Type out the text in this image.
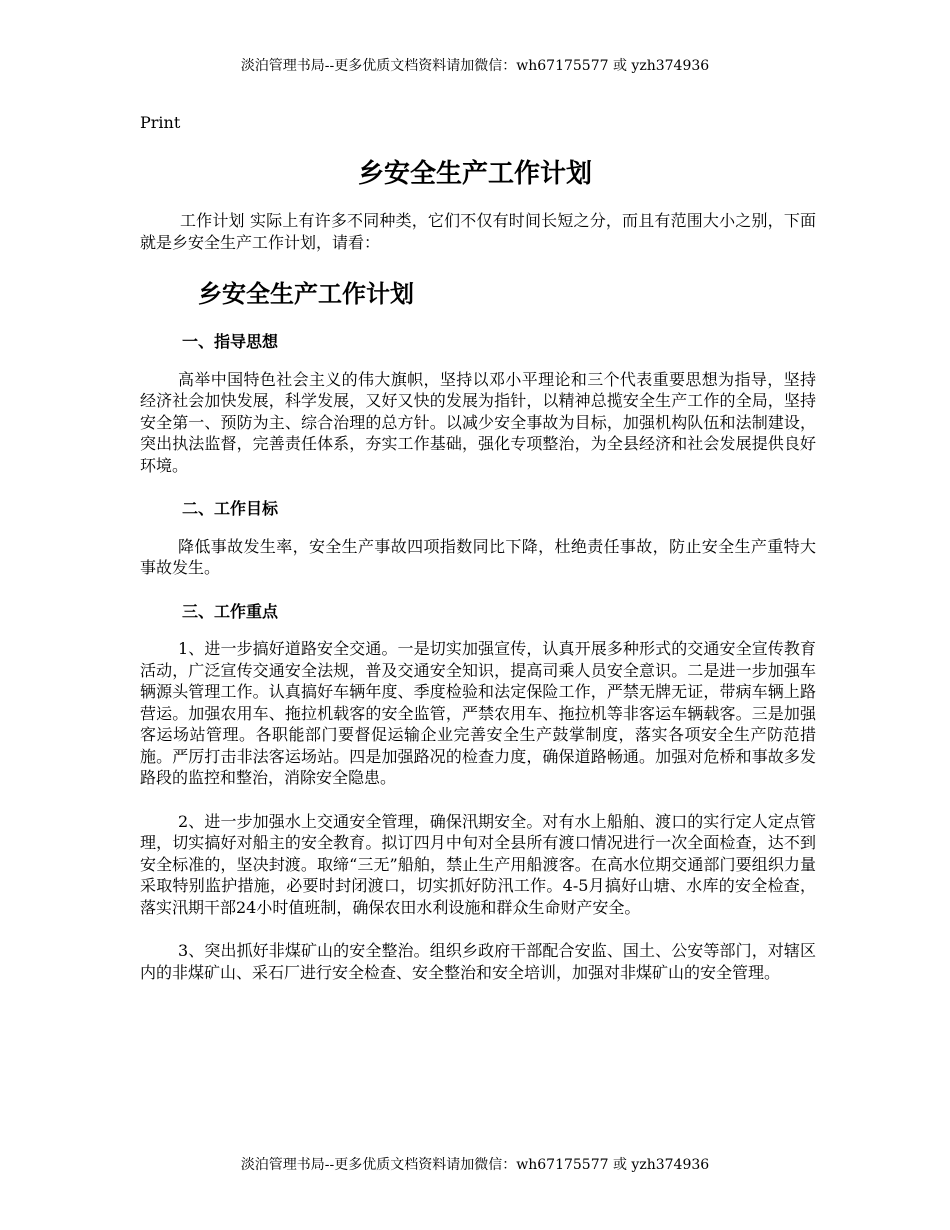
淡泊管理书局--更多优质文档资料请加微信：wh67175577 或 yzh374936
Print
乡安全生产工作计划

工作计划 实际上有许多不同种类，它们不仅有时间长短之分，而且有范围大小之别，下面就是乡安全生产工作计划，请看：

乡安全生产工作计划

一、指导思想

高举中国特色社会主义的伟大旗帜，坚持以邓小平理论和三个代表重要思想为指导，坚持经济社会加快发展，科学发展，又好又快的发展为指针，以精神总揽安全生产工作的全局，坚持安全第一、预防为主、综合治理的总方针。以减少安全事故为目标，加强机构队伍和法制建设，突出执法监督，完善责任体系，夯实工作基础，强化专项整治，为全县经济和社会发展提供良好环境。

二、工作目标

降低事故发生率，安全生产事故四项指数同比下降，杜绝责任事故，防止安全生产重特大事故发生。

三、工作重点

1、进一步搞好道路安全交通。一是切实加强宣传，认真开展多种形式的交通安全宣传教育活动，广泛宣传交通安全法规，普及交通安全知识，提高司乘人员安全意识。二是进一步加强车辆源头管理工作。认真搞好车辆年度、季度检验和法定保险工作，严禁无牌无证，带病车辆上路营运。加强农用车、拖拉机载客的安全监管，严禁农用车、拖拉机等非客运车辆载客。三是加强客运场站管理。各职能部门要督促运输企业完善安全生产鼓掌制度，落实各项安全生产防范措施。严厉打击非法客运场站。四是加强路况的检查力度，确保道路畅通。加强对危桥和事故多发路段的监控和整治，消除安全隐患。

2、进一步加强水上交通安全管理，确保汛期安全。对有水上船舶、渡口的实行定人定点管理，切实搞好对船主的安全教育。拟订四月中旬对全县所有渡口情况进行一次全面检查，达不到安全标准的，坚决封渡。取缔“三无”船舶，禁止生产用船渡客。在高水位期交通部门要组织力量采取特别监护措施，必要时封闭渡口，切实抓好防汛工作。4-5月搞好山塘、水库的安全检查，落实汛期干部24小时值班制，确保农田水利设施和群众生命财产安全。

3、突出抓好非煤矿山的安全整治。组织乡政府干部配合安监、国土、公安等部门，对辖区内的非煤矿山、采石厂进行安全检查、安全整治和安全培训，加强对非煤矿山的安全管理。

淡泊管理书局--更多优质文档资料请加微信：wh67175577 或 yzh374936
